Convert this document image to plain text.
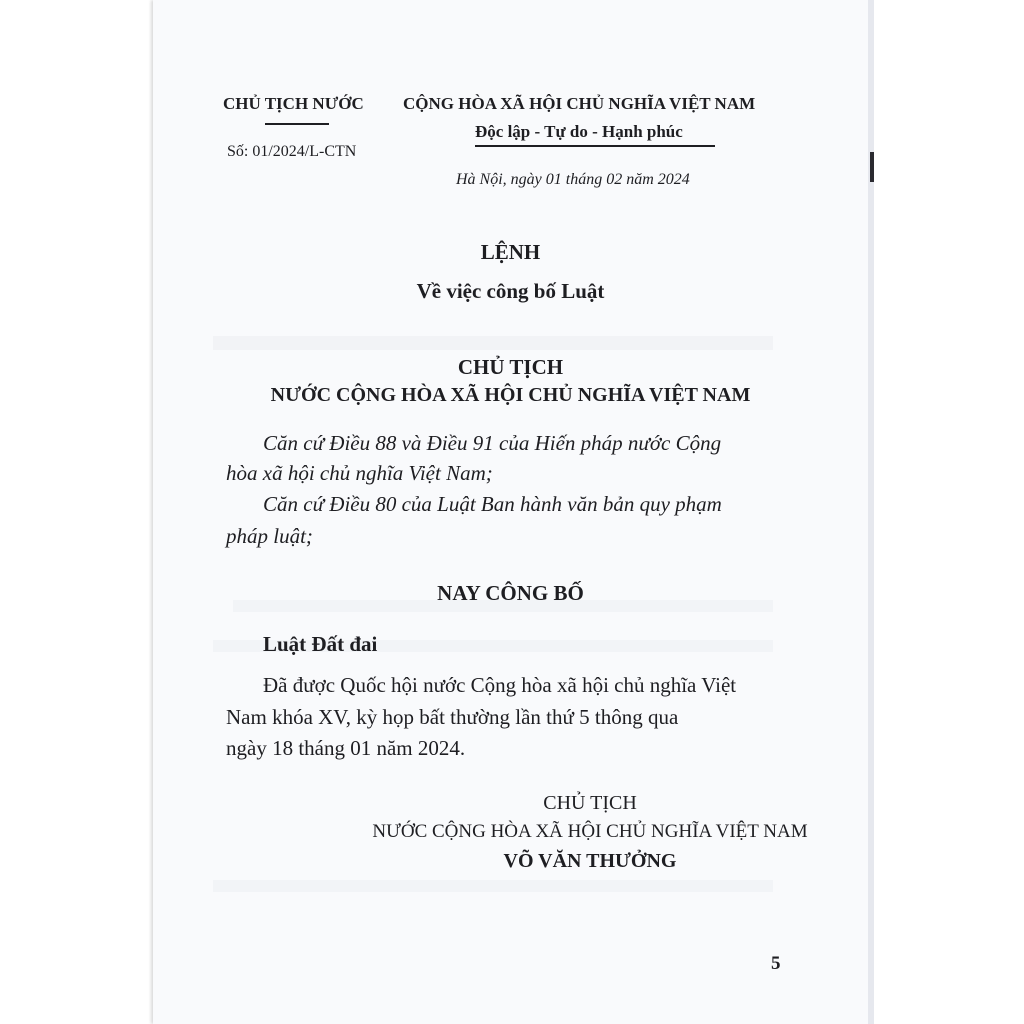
CHỦ TỊCH NƯỚC
Số: 01/2024/L-CTN
CỘNG HÒA XÃ HỘI CHỦ NGHĨA VIỆT NAM
Độc lập - Tự do - Hạnh phúc
Hà Nội, ngày 01 tháng 02 năm 2024
LỆNH
Về việc công bố Luật
CHỦ TỊCH
NƯỚC CỘNG HÒA XÃ HỘI CHỦ NGHĨA VIỆT NAM
Căn cứ Điều 88 và Điều 91 của Hiến pháp nước Cộng
hòa xã hội chủ nghĩa Việt Nam;
Căn cứ Điều 80 của Luật Ban hành văn bản quy phạm
pháp luật;
NAY CÔNG BỐ
Luật Đất đai
Đã được Quốc hội nước Cộng hòa xã hội chủ nghĩa Việt
Nam khóa XV, kỳ họp bất thường lần thứ 5 thông qua
ngày 18 tháng 01 năm 2024.
CHỦ TỊCH
NƯỚC CỘNG HÒA XÃ HỘI CHỦ NGHĨA VIỆT NAM
VÕ VĂN THƯỞNG
5
